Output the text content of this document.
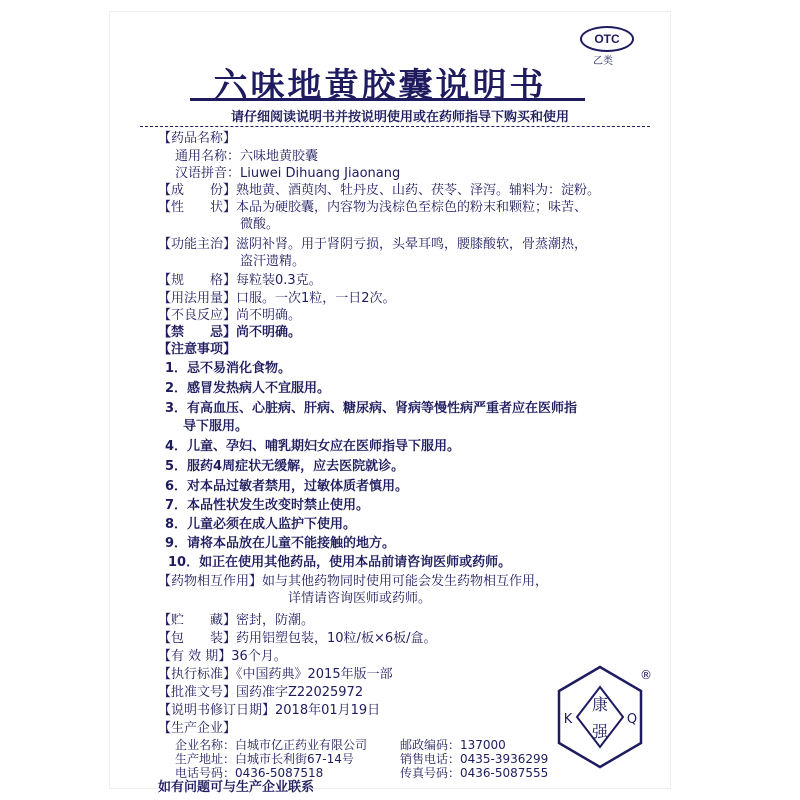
OTC
乙类
六味地黄胶囊说明书
请仔细阅读说明书并按说明使用或在药师指导下购买和使用
【药品名称】
通用名称：六味地黄胶囊
汉语拼音：Liuwei Dihuang Jiaonang
【成　　份】熟地黄、酒萸肉、牡丹皮、山药、茯苓、泽泻。辅料为：淀粉。
【性　　状】本品为硬胶囊，内容物为浅棕色至棕色的粉末和颗粒；味苦、
微酸。
【功能主治】滋阴补肾。用于肾阴亏损，头晕耳鸣，腰膝酸软，骨蒸潮热，
盗汗遗精。
【规　　格】每粒装0.3克。
【用法用量】口服。一次1粒，一日2次。
【不良反应】尚不明确。
【禁　　忌】尚不明确。
【注意事项】
1．忌不易消化食物。
2．感冒发热病人不宜服用。
3．有高血压、心脏病、肝病、糖尿病、肾病等慢性病严重者应在医师指
导下服用。
4．儿童、孕妇、哺乳期妇女应在医师指导下服用。
5．服药4周症状无缓解，应去医院就诊。
6．对本品过敏者禁用，过敏体质者慎用。
7．本品性状发生改变时禁止使用。
8．儿童必须在成人监护下使用。
9．请将本品放在儿童不能接触的地方。
10．如正在使用其他药品，使用本品前请咨询医师或药师。
【药物相互作用】如与其他药物同时使用可能会发生药物相互作用，
详情请咨询医师或药师。
【贮　　藏】密封，防潮。
【包　　装】药用铝塑包装，10粒/板×6板/盒。
【有 效 期】36个月。
【执行标准】《中国药典》2015年版一部
【批准文号】国药准字Z22025972
【说明书修订日期】2018年01月19日
【生产企业】
企业名称：白城市亿正药业有限公司
生产地址：白城市长利街67-14号
邮政编码：137000
销售电话：0435-3936299
电话号码：0436-5087518	传真号码：0436-5087555
如有问题可与生产企业联系
康
强
K	Q
®
